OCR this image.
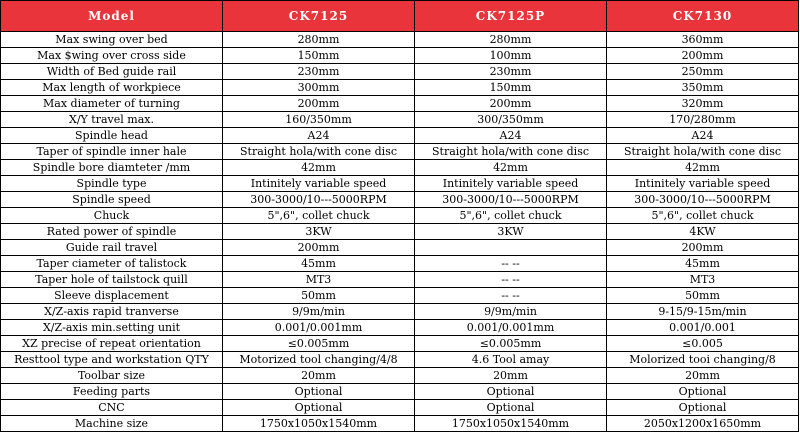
Model	CK7125	CK7125P	CK7130
Max swing over bed	280mm	280mm	360mm
Max $wing over cross side	150mm	100mm	200mm
Width of Bed guide rail	230mm	230mm	250mm
Max length of workpiece	300mm	150mm	350mm
Max diameter of turning	200mm	200mm	320mm
X/Y travel max.	160/350mm	300/350mm	170/280mm
Spindle head	A24	A24	A24
Taper of spindle inner hale	Straight hola/with cone disc	Straight hola/with cone disc	Straight hola/with cone disc
Spindle bore diamteter /mm	42mm	42mm	42mm
Spindle type	Intinitely variable speed	Intinitely variable speed	Intinitely variable speed
Spindle speed	300-3000/10---5000RPM	300-3000/10---5000RPM	300-3000/10---5000RPM
Chuck	5",6", collet chuck	5",6", collet chuck	5",6", collet chuck
Rated power of spindle	3KW	3KW	4KW
Guide rail travel	200mm		200mm
Taper ciameter of talistock	45mm	-- --	45mm
Taper hole of tailstock quill	MT3	-- --	MT3
Sleeve displacement	50mm	-- --	50mm
X/Z-axis rapid tranverse	9/9m/min	9/9m/min	9-15/9-15m/min
X/Z-axis min.setting unit	0.001/0.001mm	0.001/0.001mm	0.001/0.001
XZ precise of repeat orientation	≤0.005mm	≤0.005mm	≤0.005
Resttool type and workstation QTY	Motorized tool changing/4/8	4.6 Tool amay	Molorized tooi changing/8
Toolbar size	20mm	20mm	20mm
Feeding parts	Optional	Optional	Optional
CNC	Optional	Optional	Optional
Machine size	1750x1050x1540mm	1750x1050x1540mm	2050x1200x1650mm
